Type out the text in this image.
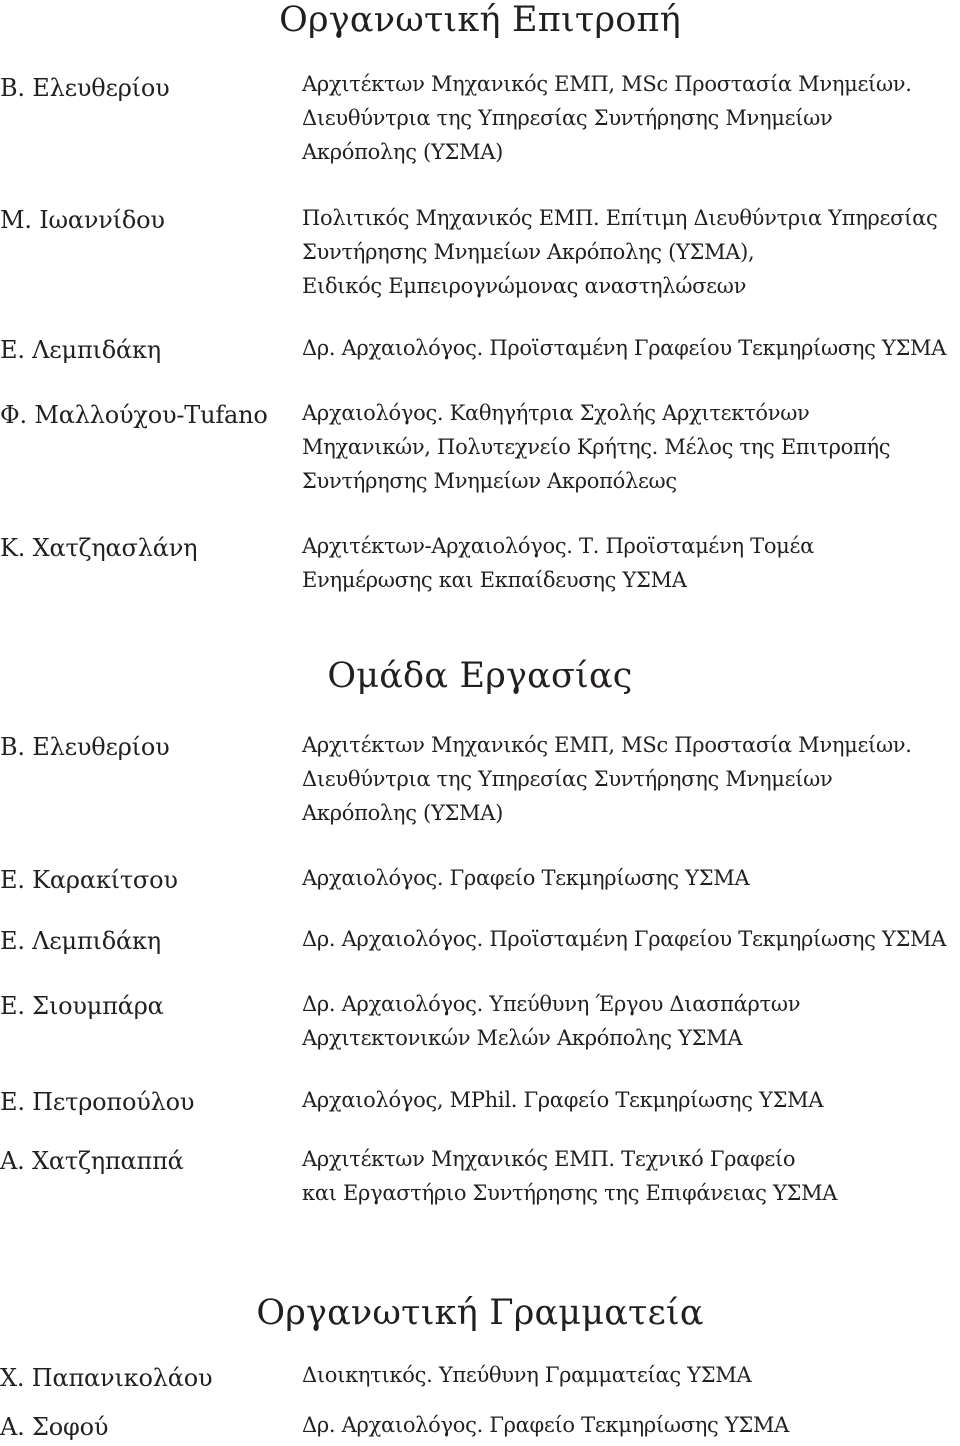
Οργανωτική Επιτροπή
Β. Ελευθερίου	Αρχιτέκτων Μηχανικός ΕΜΠ, MSc Προστασία Μνημείων.
Διευθύντρια της Υπηρεσίας Συντήρησης Μνημείων
Ακρόπολης (ΥΣΜΑ)
Μ. Ιωαννίδου	Πολιτικός Μηχανικός ΕΜΠ. Επίτιμη Διευθύντρια Υπηρεσίας
Συντήρησης Μνημείων Ακρόπολης (ΥΣΜΑ),
Ειδικός Εμπειρογνώμονας αναστηλώσεων
Ε. Λεμπιδάκη	Δρ. Αρχαιολόγος. Προϊσταμένη Γραφείου Τεκμηρίωσης ΥΣΜΑ
Φ. Μαλλούχου-Tufano	Αρχαιολόγος. Καθηγήτρια Σχολής Αρχιτεκτόνων
Μηχανικών, Πολυτεχνείο Κρήτης. Μέλος της Επιτροπής
Συντήρησης Μνημείων Ακροπόλεως
Κ. Χατζηασλάνη	Αρχιτέκτων-Αρχαιολόγος. Τ. Προϊσταμένη Τομέα
Ενημέρωσης και Εκπαίδευσης ΥΣΜΑ
Ομάδα Εργασίας
Β. Ελευθερίου	Αρχιτέκτων Μηχανικός ΕΜΠ, MSc Προστασία Μνημείων.
Διευθύντρια της Υπηρεσίας Συντήρησης Μνημείων
Ακρόπολης (ΥΣΜΑ)
Ε. Καρακίτσου	Αρχαιολόγος. Γραφείο Τεκμηρίωσης ΥΣΜΑ
Ε. Λεμπιδάκη	Δρ. Αρχαιολόγος. Προϊσταμένη Γραφείου Τεκμηρίωσης ΥΣΜΑ
Ε. Σιουμπάρα	Δρ. Αρχαιολόγος. Υπεύθυνη Έργου Διασπάρτων
Αρχιτεκτονικών Μελών Ακρόπολης ΥΣΜΑ
Ε. Πετροπούλου	Αρχαιολόγος, MPhil. Γραφείο Τεκμηρίωσης ΥΣΜΑ
Α. Χατζηπαππά	Αρχιτέκτων Μηχανικός ΕΜΠ. Τεχνικό Γραφείο
και Εργαστήριο Συντήρησης της Επιφάνειας ΥΣΜΑ
Οργανωτική Γραμματεία
Χ. Παπανικολάου	Διοικητικός. Υπεύθυνη Γραμματείας ΥΣΜΑ
Α. Σοφού	Δρ. Αρχαιολόγος. Γραφείο Τεκμηρίωσης ΥΣΜΑ
